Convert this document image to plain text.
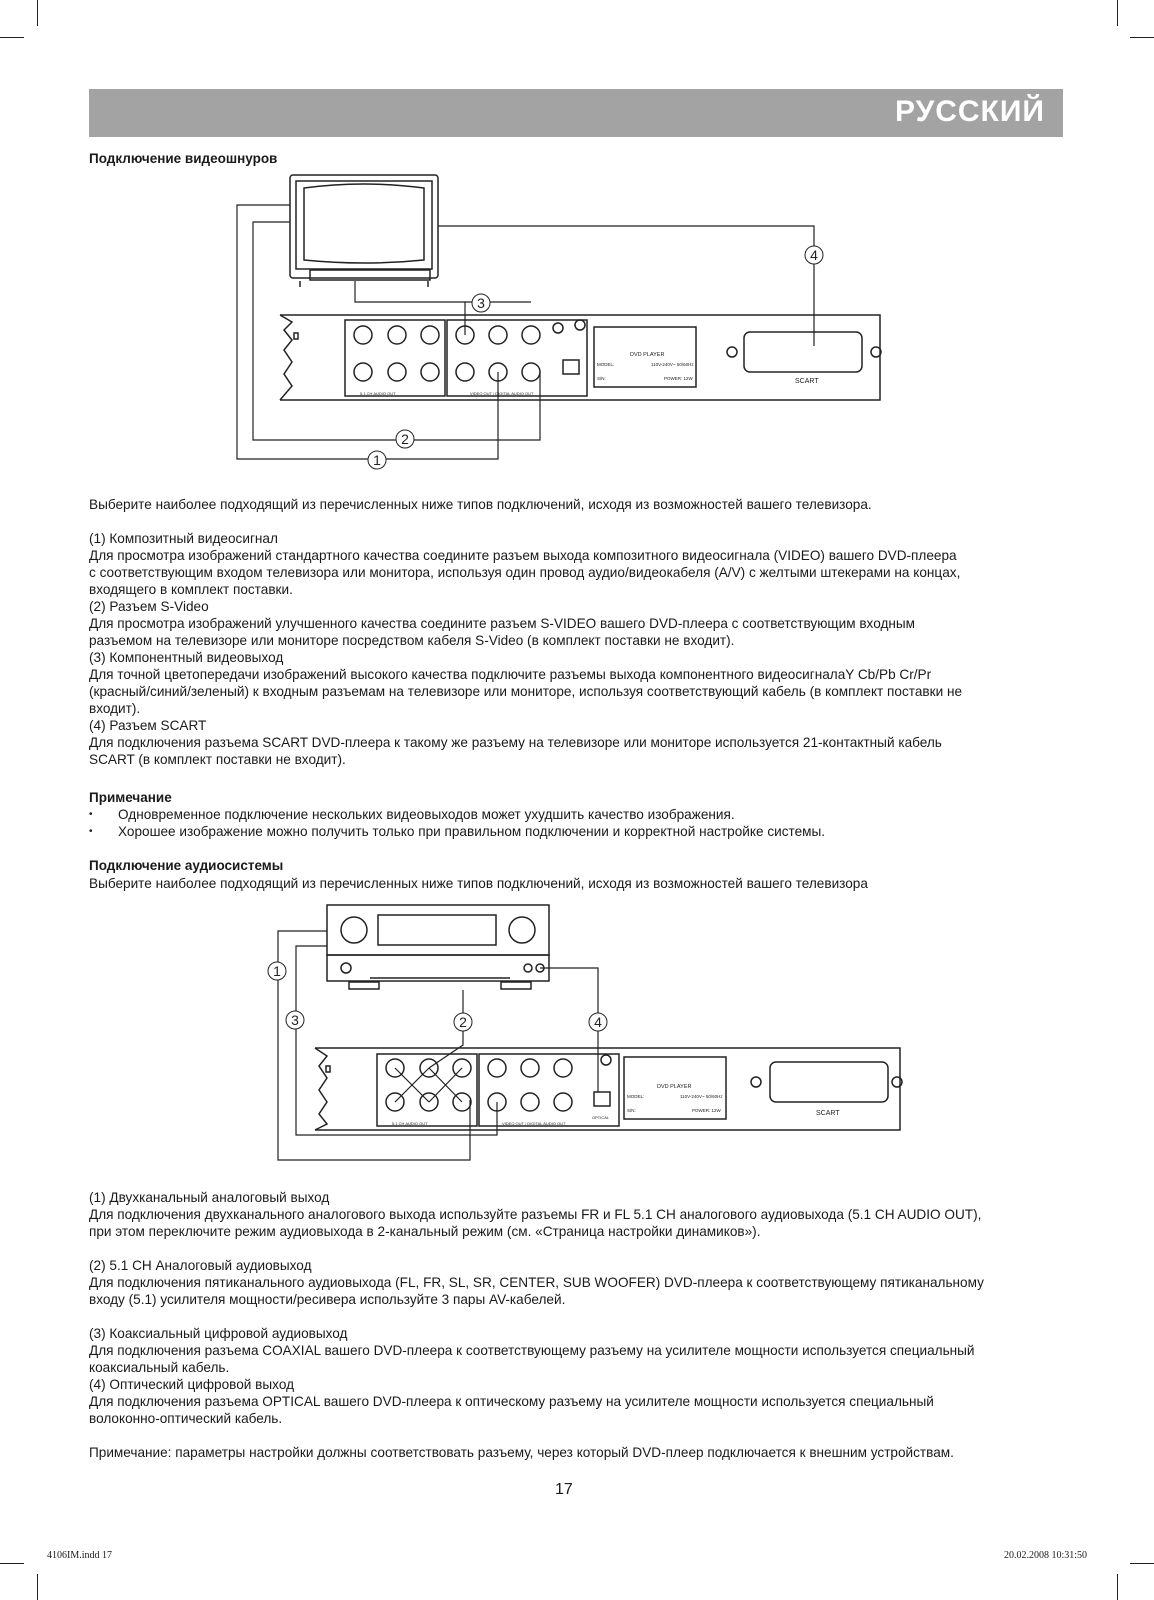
РУССКИЙ
Подключение видеошнуров
4
3
2
1
SCART
DVD PLAYER
MODEL:	110V-240V~ 50/60Hz
S/N:	POWER: 12W
5.1 CH AUDIO OUT	VIDEO OUT / DIGITAL AUDIO OUT

Выберите наиболее подходящий из перечисленных ниже типов подключений, исходя из возможностей вашего телевизора.

(1) Композитный видеосигнал

Для просмотра изображений стандартного качества соедините разъем выхода композитного видеосигнала (VIDEO) вашего DVD-плеера

с соответствующим входом телевизора или монитора, используя один провод аудио/видеокабеля (A/V) с желтыми штекерами на концах,

входящего в комплект поставки.

(2) Разъем S-Video

Для просмотра изображений улучшенного качества соедините разъем S-VIDEO вашего DVD-плеера с соответствующим входным

разъемом на телевизоре или мониторе посредством кабеля S-Video (в комплект поставки не входит).

(3) Компонентный видеовыход

Для точной цветопередачи изображений высокого качества подключите разъемы выхода компонентного видеосигналаY Cb/Pb Cr/Pr

(красный/синий/зеленый) к входным разъемам на телевизоре или мониторе, используя соответствующий кабель (в комплект поставки не

входит).

(4) Разъем SCART

Для подключения разъема SCART DVD-плеера к такому же разъему на телевизоре или мониторе используется 21-контактный кабель

SCART (в комплект поставки не входит).

Примечание
• Одновременное подключение нескольких видеовыходов может ухудшить качество изображения.
• Хорошее изображение можно получить только при правильном подключении и корректной настройке системы.
Подключение аудиосистемы

Выберите наиболее подходящий из перечисленных ниже типов подключений, исходя из возможностей вашего телевизора

1
3	2	4
SCART
DVD PLAYER
MODEL:	110V-240V~ 50/60Hz
S/N:	POWER: 12W
5.1 CH AUDIO OUT	VIDEO OUT / DIGITAL AUDIO OUT
OPTICAL

(1) Двухканальный аналоговый выход

Для подключения двухканального аналогового выхода используйте разъемы FR и FL 5.1 CH аналогового аудиовыхода (5.1 CH AUDIO OUT),

при этом переключите режим аудиовыхода в 2-канальный режим (см. «Страница настройки динамиков»).

(2) 5.1 CH Аналоговый аудиовыход

Для подключения пятиканального аудиовыхода (FL, FR, SL, SR, CENTER, SUB WOOFER) DVD-плеера к соответствующему пятиканальному

входу (5.1) усилителя мощности/ресивера используйте 3 пары AV-кабелей.

(3) Коаксиальный цифровой аудиовыход

Для подключения разъема COAXIAL вашего DVD-плеера к соответствующему разъему на усилителе мощности используется специальный

коаксиальный кабель.

(4) Оптический цифровой выход

Для подключения разъема OPTICAL вашего DVD-плеера к оптическому разъему на усилителе мощности используется специальный

волоконно-оптический кабель.

Примечание: параметры настройки должны соответствовать разъему, через который DVD-плеер подключается к внешним устройствам.

17
4106IM.indd 17	20.02.2008 10:31:50
